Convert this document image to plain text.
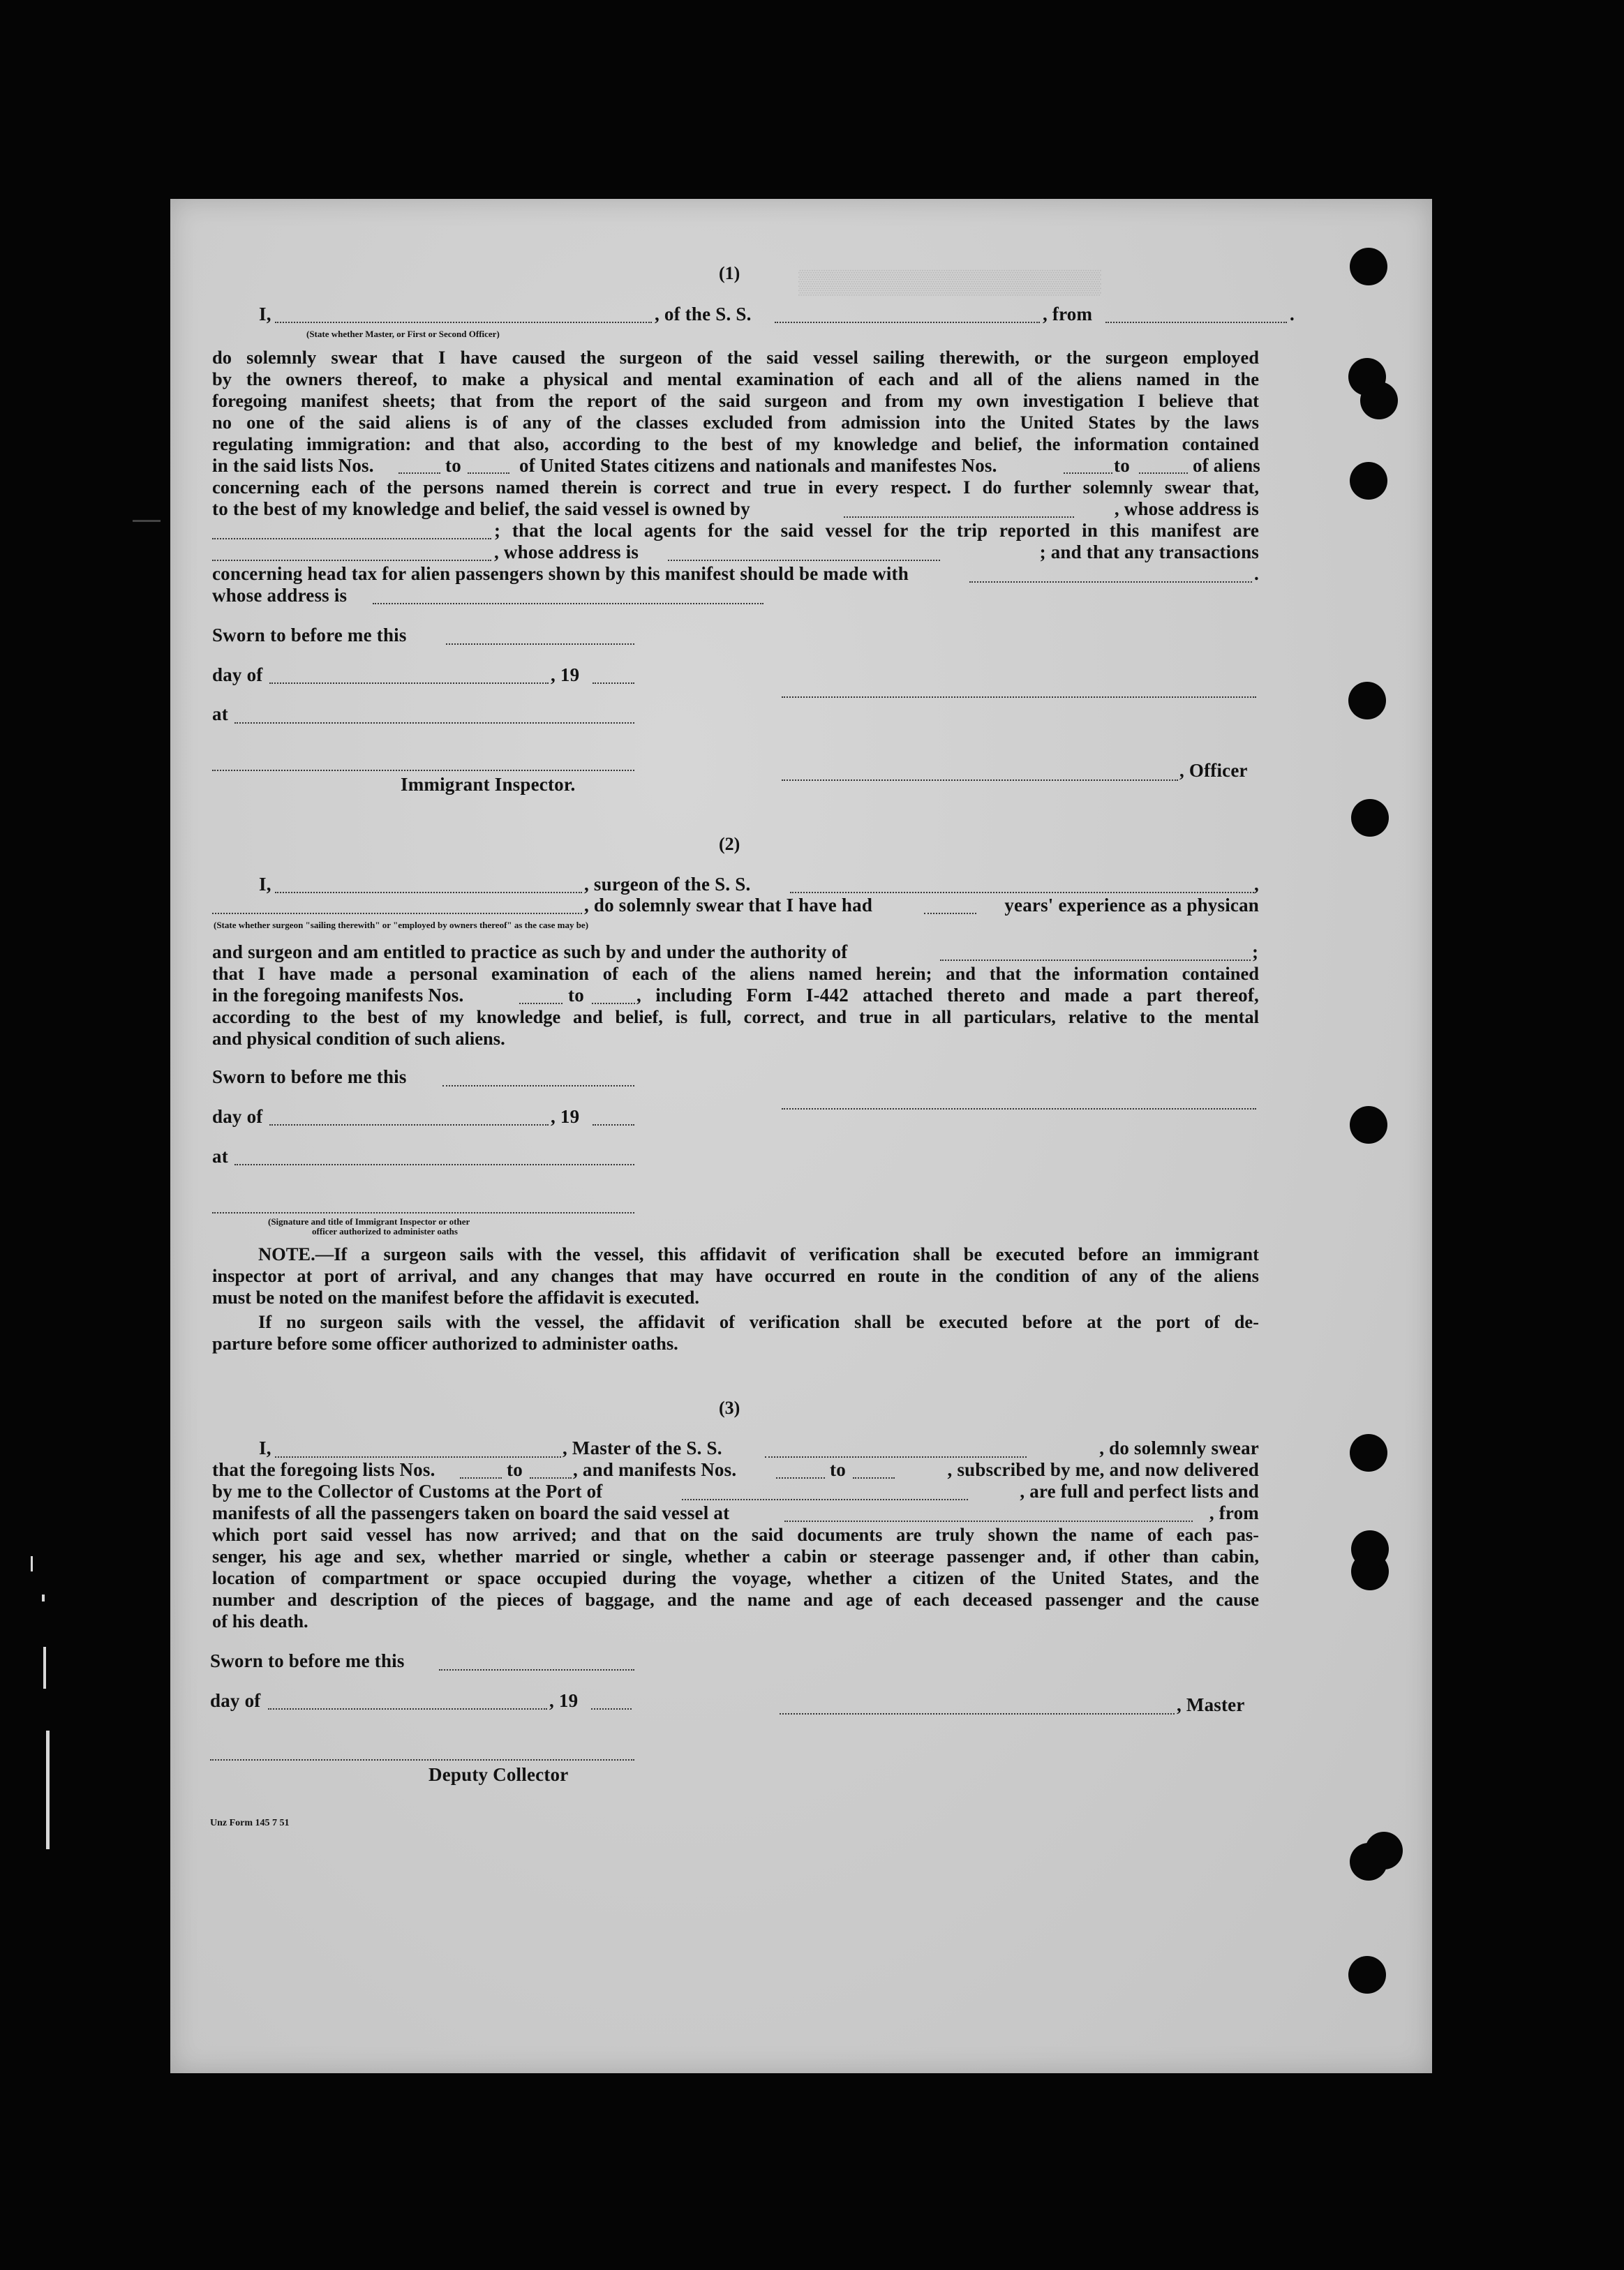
▒▒▒▒▒▒▒▒▒▒▒▒▒▒▒▒▒▒
(1)
I,	, of the S. S.	, from	.
(State whether Master, or First or Second Officer)
do solemnly swear that I have caused the surgeon of the said vessel sailing therewith, or the surgeon employed
by the owners thereof, to make a physical and mental examination of each and all of the aliens named in the
foregoing manifest sheets; that from the report of the said surgeon and from my own investigation I believe that
no one of the said aliens is of any of the classes excluded from admission into the United States by the laws
regulating immigration: and that also, according to the best of my knowledge and belief, the information contained
in the said lists Nos.	to	of United States citizens and nationals and manifestes Nos.	to	of aliens
concerning each of the persons named therein is correct and true in every respect. I do further solemnly swear that,
to the best of my knowledge and belief, the said vessel is owned by	, whose address is
; that the local agents for the said vessel for the trip reported in this manifest are
, whose address is	; and that any transactions
concerning head tax for alien passengers shown by this manifest should be made with	.
whose address is
Sworn to before me this
day of	, 19
at
, Officer
Immigrant Inspector.
(2)
I,	, surgeon of the S. S.	,
, do solemnly swear that I have had	years' experience as a physican
(State whether surgeon "sailing therewith" or "employed by owners thereof" as the case may be)
and surgeon and am entitled to practice as such by and under the authority of	;
that I have made a personal examination of each of the aliens named herein; and that the information contained
in the foregoing manifests Nos.	to	, including Form I-442 attached thereto and made a part thereof,
according to the best of my knowledge and belief, is full, correct, and true in all particulars, relative to the mental
and physical condition of such aliens.
Sworn to before me this
day of	, 19
at
(Signature and title of Immigrant Inspector or other
officer authorized to administer oaths
NOTE.—If a surgeon sails with the vessel, this affidavit of verification shall be executed before an immigrant
inspector at port of arrival, and any changes that may have occurred en route in the condition of any of the aliens
must be noted on the manifest before the affidavit is executed.
If no surgeon sails with the vessel, the affidavit of verification shall be executed before at the port of de-
parture before some officer authorized to administer oaths.
(3)
I,	, Master of the S. S.	, do solemnly swear
that the foregoing lists Nos.	to	, and manifests Nos.	to	, subscribed by me, and now delivered
by me to the Collector of Customs at the Port of	, are full and perfect lists and
manifests of all the passengers taken on board the said vessel at	, from
which port said vessel has now arrived; and that on the said documents are truly shown the name of each pas-
senger, his age and sex, whether married or single, whether a cabin or steerage passenger and, if other than cabin,
location of compartment or space occupied during the voyage, whether a citizen of the United States, and the
number and description of the pieces of baggage, and the name and age of each deceased passenger and the cause
of his death.
Sworn to before me this
day of	, 19	, Master
Deputy Collector
Unz Form 145 7 51
